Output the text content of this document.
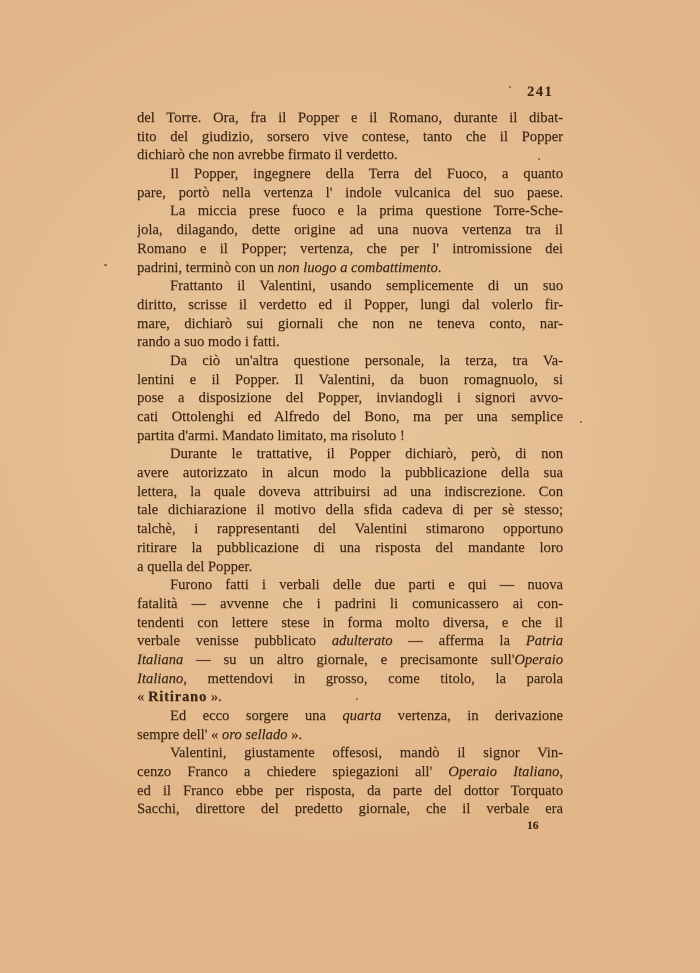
241
del Torre. Ora, fra il Popper e il Romano, durante il dibat-
tito del giudizio, sorsero vive contese, tanto che il Popper
dichiarò che non avrebbe firmato il verdetto.
Il Popper, ingegnere della Terra del Fuoco, a quanto
pare, portò nella vertenza l' indole vulcanica del suo paese.
La miccia prese fuoco e la prima questione Torre-Sche-
jola, dilagando, dette origine ad una nuova vertenza tra il
Romano e il Popper; vertenza, che per l' intromissione dei
padrini, terminò con un non luogo a combattimento.
Frattanto il Valentini, usando semplicemente di un suo
diritto, scrisse il verdetto ed il Popper, lungi dal volerlo fir-
mare, dichiarò sui giornali che non ne teneva conto, nar-
rando a suo modo i fatti.
Da ciò un'altra questione personale, la terza, tra Va-
lentini e il Popper. Il Valentini, da buon romagnuolo, si
pose a disposizione del Popper, inviandogli i signori avvo-
cati Ottolenghi ed Alfredo del Bono, ma per una semplice
partita d'armi. Mandato limitato, ma risoluto !
Durante le trattative, il Popper dichiarò, però, di non
avere autorizzato in alcun modo la pubblicazione della sua
lettera, la quale doveva attribuirsi ad una indiscrezione. Con
tale dichiarazione il motivo della sfida cadeva di per sè stesso;
talchè, i rappresentanti del Valentini stimarono opportuno
ritirare la pubblicazione di una risposta del mandante loro
a quella del Popper.
Furono fatti i verbali delle due parti e qui — nuova
fatalità — avvenne che i padrini li comunicassero ai con-
tendenti con lettere stese in forma molto diversa, e che il
verbale venisse pubblicato adulterato — afferma la Patria
Italiana — su un altro giornale, e precisamonte sull'Operaio
Italiano, mettendovi in grosso, come titolo, la parola
« Ritirano ».
Ed ecco sorgere una quarta vertenza, in derivazione
sempre dell' « oro sellado ».
Valentini, giustamente offesosi, mandò il signor Vin-
cenzo Franco a chiedere spiegazioni all' Operaio Italiano,
ed il Franco ebbe per risposta, da parte del dottor Torquato
Sacchi, direttore del predetto giornale, che il verbale era
16
